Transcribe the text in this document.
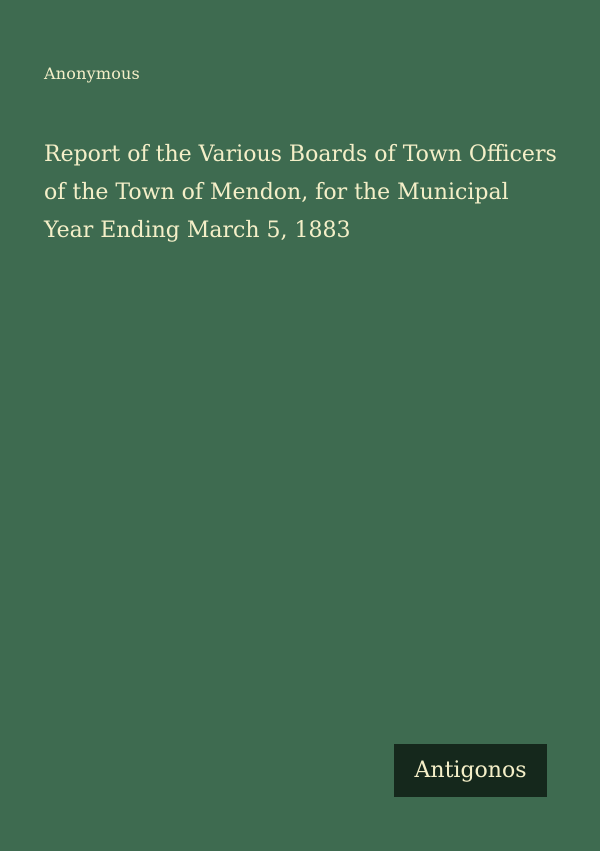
Anonymous
Report of the Various Boards of Town Officers of the Town of Mendon, for the Municipal Year Ending March 5, 1883
Antigonos
